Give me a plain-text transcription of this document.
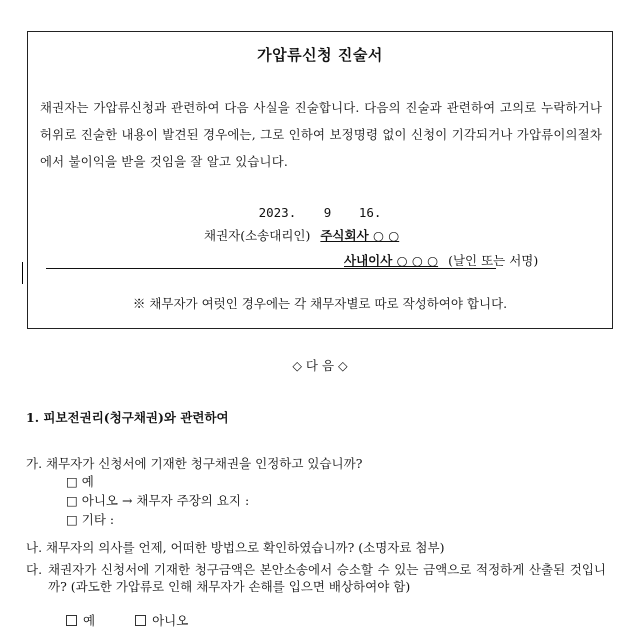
가압류신청 진술서
채권자는 가압류신청과 관련하여 다음 사실을 진술합니다. 다음의 진술과 관련하여 고의로 누락하거나 허위로 진술한 내용이 발견된 경우에는, 그로 인하여 보정명령 없이 신청이 기각되거나 가압류이의절차에서 불이익을 받을 것임을 잘 알고 있습니다.
2023. 9 16.
채권자(소송대리인) 주식회사 ○ ○
사내이사 ○ ○ ○ (날인 또는 서명)
※ 채무자가 여럿인 경우에는 각 채무자별로 따로 작성하여야 합니다.
◇ 다 음 ◇
1. 피보전권리(청구채권)와 관련하여
가. 채무자가 신청서에 기재한 청구채권을 인정하고 있습니까?
□ 예
□ 아니오 → 채무자 주장의 요지 :
□ 기타 :
나. 채무자의 의사를 언제, 어떠한 방법으로 확인하였습니까? (소명자료 첨부)
다. 채권자가 신청서에 기재한 청구금액은 본안소송에서 승소할 수 있는 금액으로 적정하게 산출된 것입니까? (과도한 가압류로 인해 채무자가 손해를 입으면 배상하여야 함)
예	아니오
